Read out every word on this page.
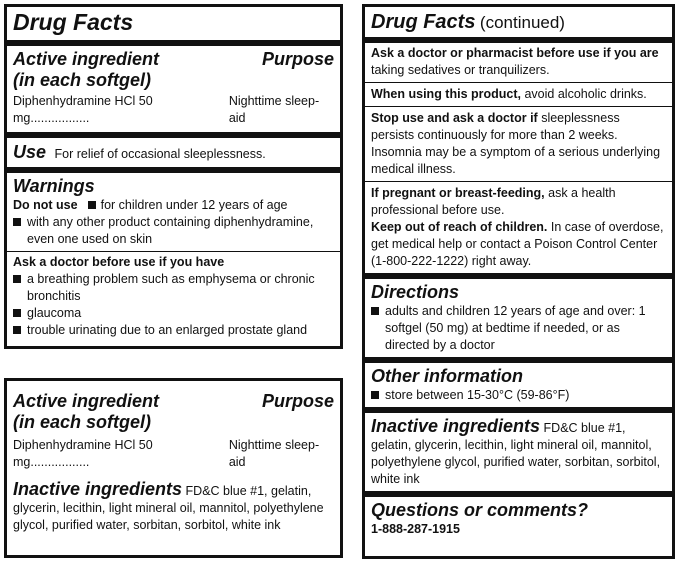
Drug Facts
Active ingredient
(in each softgel)
Purpose
Diphenhydramine HCl 50 mg.................
Nighttime sleep-aid
Use For relief of occasional sleeplessness.
Warnings
Do not use for children under 12 years of age
with any other product containing diphenhydramine, even one used on skin
Ask a doctor before use if you have
a breathing problem such as emphysema or chronic bronchitis
glaucoma
trouble urinating due to an enlarged prostate gland
Active ingredient
(in each softgel)
Purpose
Diphenhydramine HCl 50 mg.................
Nighttime sleep-aid
Inactive ingredients FD&C blue #1, gelatin, glycerin, lecithin, light mineral oil, mannitol, polyethylene glycol, purified water, sorbitan, sorbitol, white ink
Drug Facts (continued)
Ask a doctor or pharmacist before use if you are
taking sedatives or tranquilizers.
When using this product, avoid alcoholic drinks.
Stop use and ask a doctor if sleeplessness persists continuously for more than 2 weeks. Insomnia may be a symptom of a serious underlying medical illness.
If pregnant or breast-feeding, ask a health professional before use.
Keep out of reach of children. In case of overdose, get medical help or contact a Poison Control Center (1-800-222-1222) right away.
Directions
adults and children 12 years of age and over: 1 softgel (50 mg) at bedtime if needed, or as directed by a doctor
Other information
store between 15-30°C (59-86°F)
Inactive ingredients FD&C blue #1, gelatin, glycerin, lecithin, light mineral oil, mannitol, polyethylene glycol, purified water, sorbitan, sorbitol, white ink
Questions or comments?
1-888-287-1915
